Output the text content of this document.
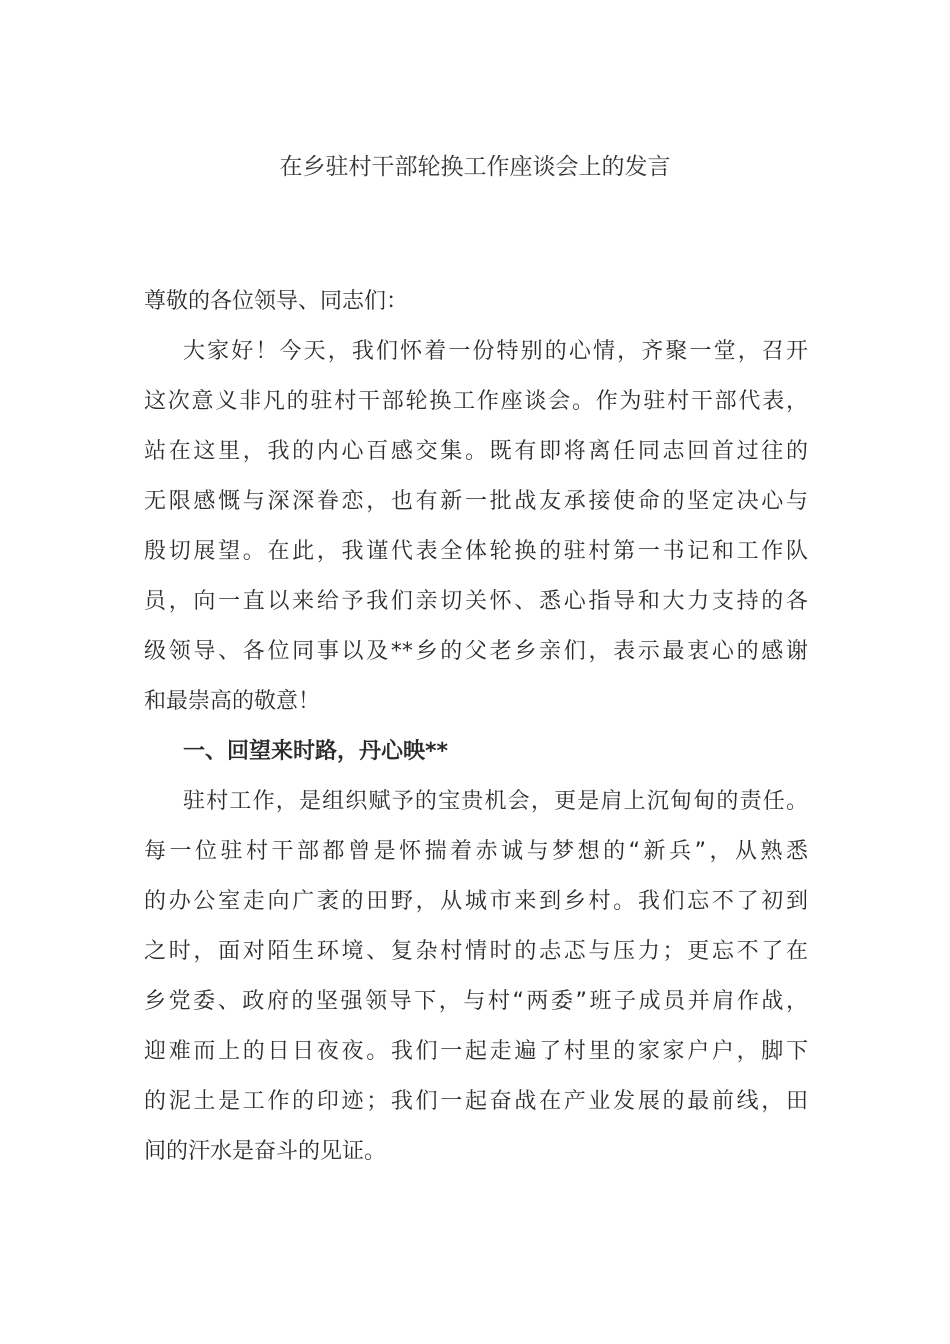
在乡驻村干部轮换工作座谈会上的发言
尊敬的各位领导、同志们：
大家好！今天，我们怀着一份特别的心情，齐聚一堂，召开
这次意义非凡的驻村干部轮换工作座谈会。作为驻村干部代表，
站在这里，我的内心百感交集。既有即将离任同志回首过往的
无限感慨与深深眷恋，也有新一批战友承接使命的坚定决心与
殷切展望。在此，我谨代表全体轮换的驻村第一书记和工作队
员，向一直以来给予我们亲切关怀、悉心指导和大力支持的各
级领导、各位同事以及**乡的父老乡亲们，表示最衷心的感谢
和最崇高的敬意！
一、回望来时路，丹心映**
驻村工作，是组织赋予的宝贵机会，更是肩上沉甸甸的责任。
每一位驻村干部都曾是怀揣着赤诚与梦想的“新兵”，从熟悉
的办公室走向广袤的田野，从城市来到乡村。我们忘不了初到
之时，面对陌生环境、复杂村情时的忐忑与压力；更忘不了在
乡党委、政府的坚强领导下，与村“两委”班子成员并肩作战，
迎难而上的日日夜夜。我们一起走遍了村里的家家户户，脚下
的泥土是工作的印迹；我们一起奋战在产业发展的最前线，田
间的汗水是奋斗的见证。
